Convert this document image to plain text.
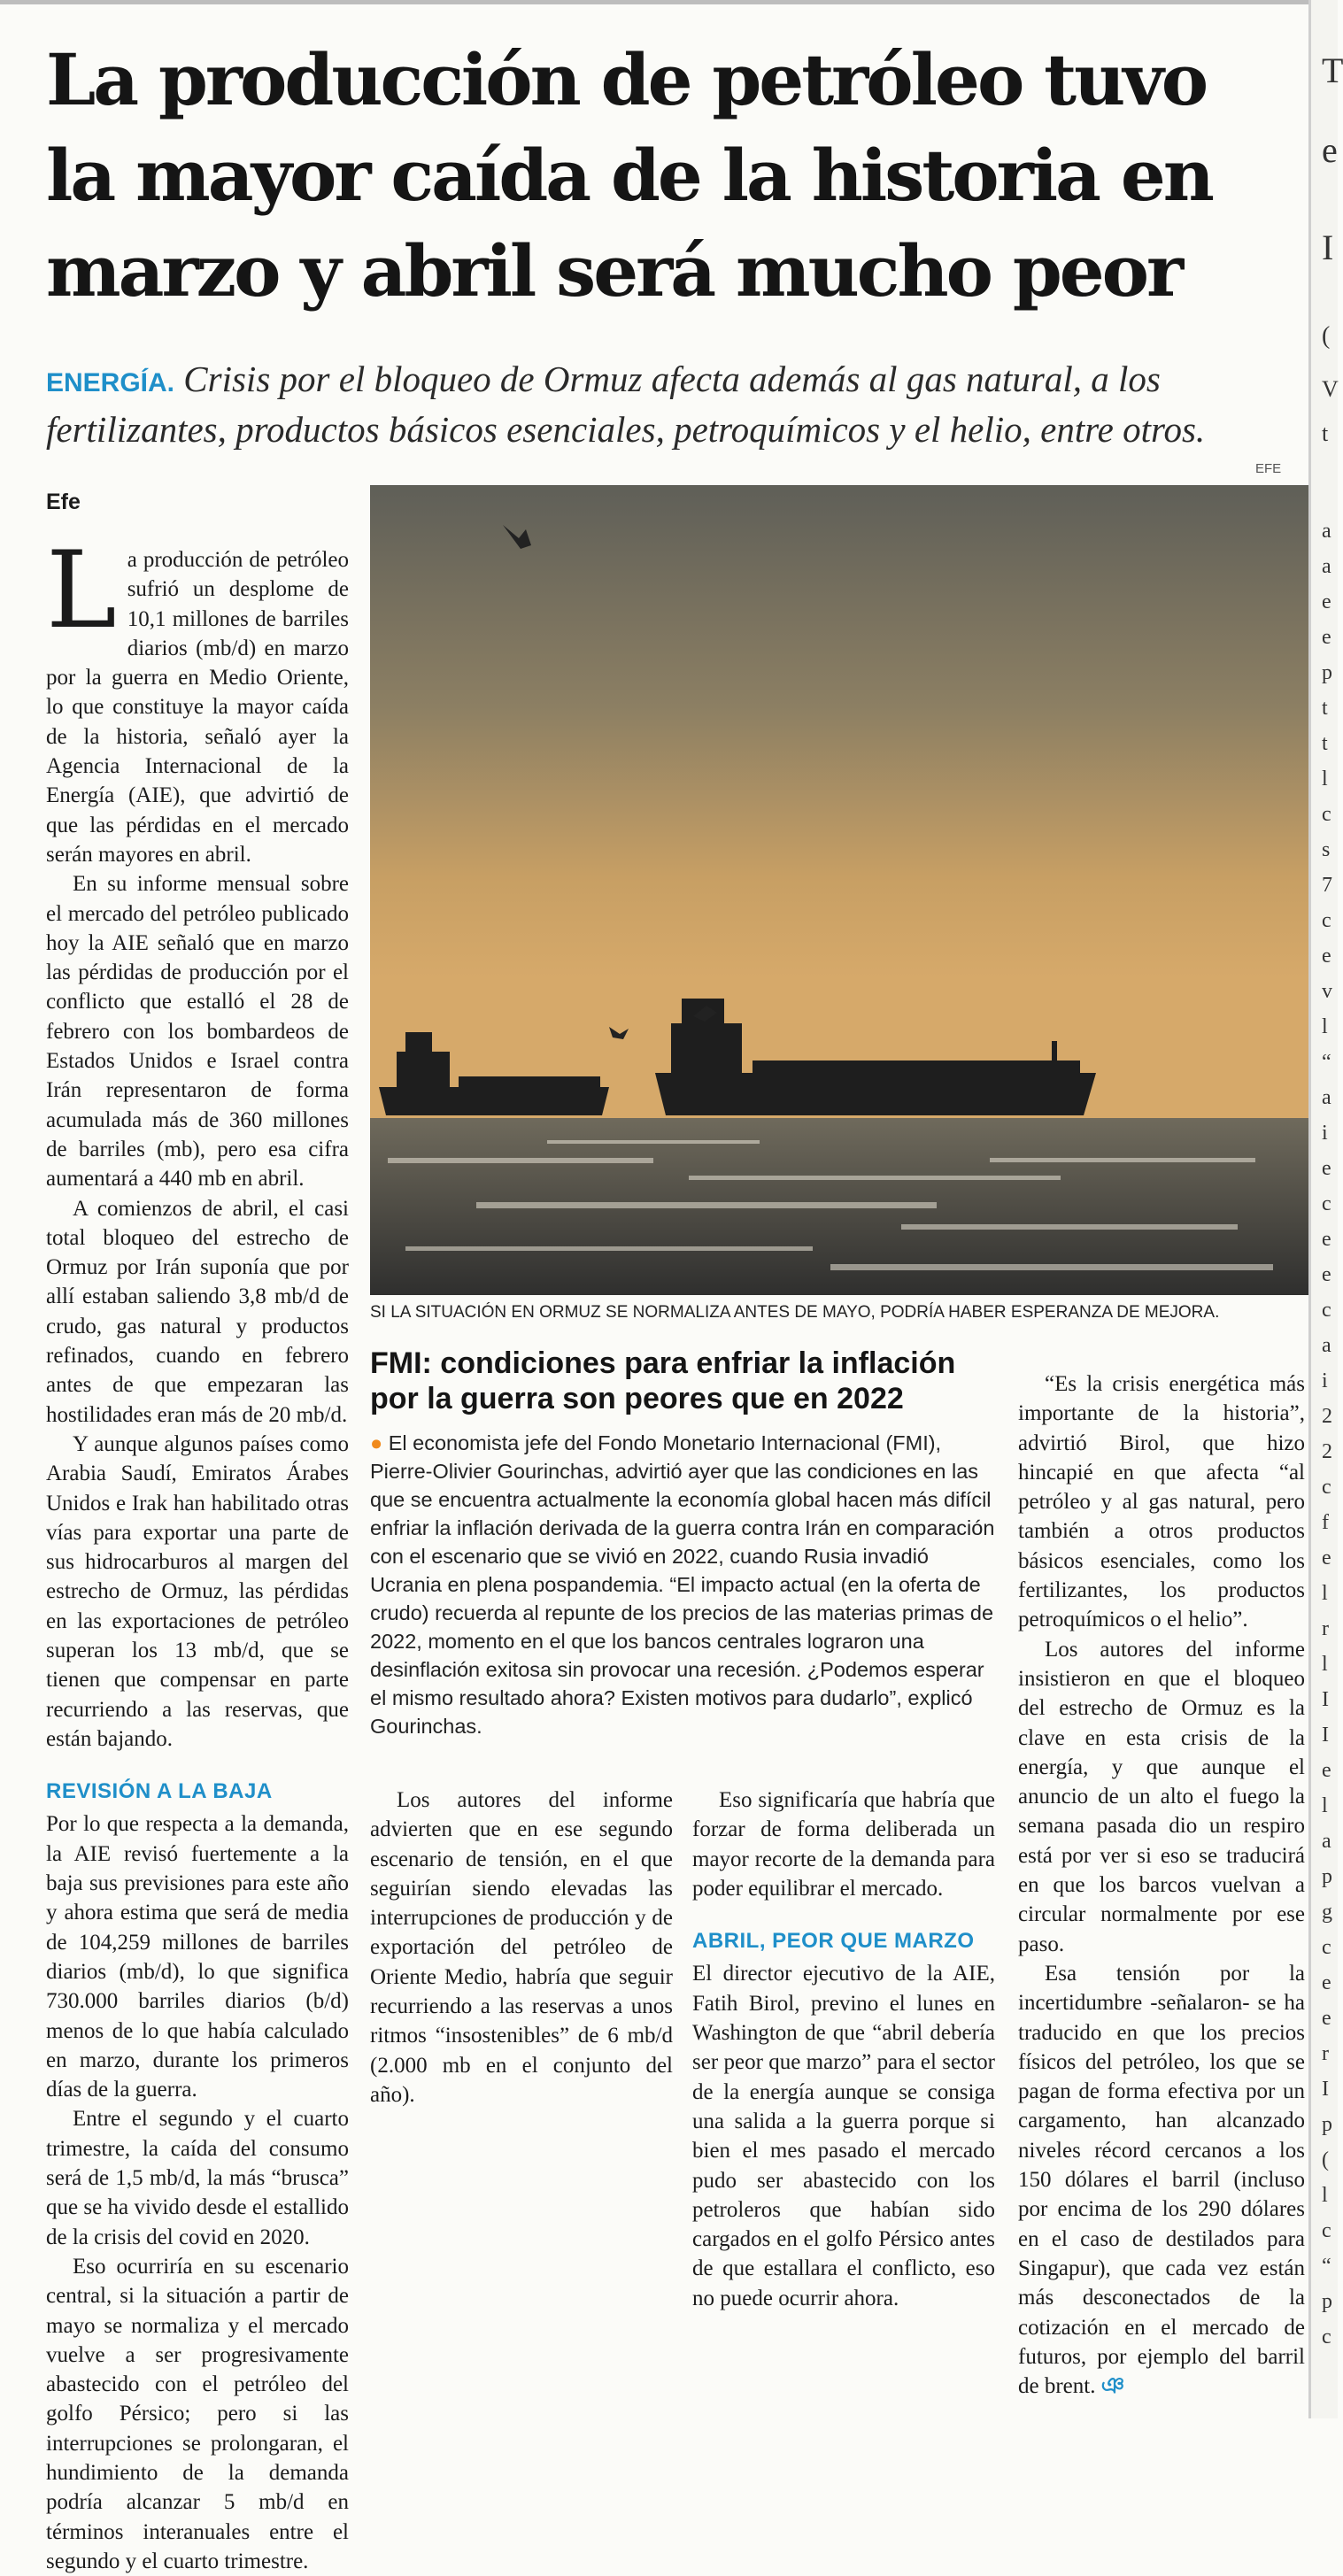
La producción de petróleo tuvo la mayor caída de la historia en marzo y abril será mucho peor
ENERGÍA. Crisis por el bloqueo de Ormuz afecta además al gas natural, a los fertilizantes, productos básicos esenciales, petroquímicos y el helio, entre otros.
Efe
EFE

La producción de petróleo sufrió un desplome de 10,1 millones de barriles diarios (mb/d) en marzo por la guerra en Medio Oriente, lo que constituye la mayor caída de la historia, señaló ayer la Agencia Internacional de la Energía (AIE), que advirtió de que las pérdidas en el mercado serán mayores en abril.

En su informe mensual sobre el mercado del petróleo publicado hoy la AIE señaló que en marzo las pérdidas de producción por el conflicto que estalló el 28 de febrero con los bombardeos de Estados Unidos e Israel contra Irán representaron de forma acumulada más de 360 millones de barriles (mb), pero esa cifra aumentará a 440 mb en abril.

A comienzos de abril, el casi total bloqueo del estrecho de Ormuz por Irán suponía que por allí estaban saliendo 3,8 mb/d de crudo, gas natural y productos refinados, cuando en febrero antes de que empezaran las hostilidades eran más de 20 mb/d.

Y aunque algunos países como Arabia Saudí, Emiratos Árabes Unidos e Irak han habilitado otras vías para exportar una parte de sus hidrocarburos al margen del estrecho de Ormuz, las pérdidas en las exportaciones de petróleo superan los 13 mb/d, que se tienen que compensar en parte recurriendo a las reservas, que están bajando.

REVISIÓN A LA BAJA

Por lo que respecta a la demanda, la AIE revisó fuertemente a la baja sus previsiones para este año y ahora estima que será de media de 104,259 millones de barriles diarios (mb/d), lo que significa 730.000 barriles diarios (b/d) menos de lo que había calculado en marzo, durante los primeros días de la guerra.

Entre el segundo y el cuarto trimestre, la caída del consumo será de 1,5 mb/d, la más “brusca” que se ha vivido desde el estallido de la crisis del covid en 2020.

Eso ocurriría en su escenario central, si la situación a partir de mayo se normaliza y el mercado vuelve a ser progresivamente abastecido con el petróleo del golfo Pérsico; pero si las interrupciones se prolongaran, el hundimiento de la demanda podría alcanzar 5 mb/d en términos interanuales entre el segundo y el cuarto trimestre.

SI LA SITUACIÓN EN ORMUZ SE NORMALIZA ANTES DE MAYO, PODRÍA HABER ESPERANZA DE MEJORA.
FMI: condiciones para enfriar la inflación por la guerra son peores que en 2022
● El economista jefe del Fondo Monetario Internacional (FMI), Pierre-Olivier Gourinchas, advirtió ayer que las condiciones en las que se encuentra actualmente la economía global hacen más difícil enfriar la inflación derivada de la guerra contra Irán en comparación con el escenario que se vivió en 2022, cuando Rusia invadió Ucrania en plena pospandemia. “El impacto actual (en la oferta de crudo) recuerda al repunte de los precios de las materias primas de 2022, momento en el que los bancos centrales lograron una desinflación exitosa sin provocar una recesión. ¿Podemos esperar el mismo resultado ahora? Existen motivos para dudarlo”, explicó Gourinchas.

Los autores del informe advierten que en ese segundo escenario de tensión, en el que seguirían siendo elevadas las interrupciones de producción y de exportación del petróleo de Oriente Medio, habría que seguir recurriendo a las reservas a unos ritmos “insostenibles” de 6 mb/d (2.000 mb en el conjunto del año).

Eso significaría que habría que forzar de forma deliberada un mayor recorte de la demanda para poder equilibrar el mercado.

ABRIL, PEOR QUE MARZO

El director ejecutivo de la AIE, Fatih Birol, previno el lunes en Washington de que “abril debería ser peor que marzo” para el sector de la energía aunque se consiga una salida a la guerra porque si bien el mes pasado el mercado pudo ser abastecido con los petroleros que habían sido cargados en el golfo Pérsico antes de que estallara el conflicto, eso no puede ocurrir ahora.

“Es la crisis energética más importante de la historia”, advirtió Birol, que hizo hincapié en que afecta “al petróleo y al gas natural, pero también a otros productos básicos esenciales, como los fertilizantes, los productos petroquímicos o el helio”.

Los autores del informe insistieron en que el bloqueo del estrecho de Ormuz es la clave en esta crisis de la energía, y que aunque el anuncio de un alto el fuego la semana pasada dio un respiro está por ver si eso se traducirá en que los barcos vuelvan a circular normalmente por ese paso.

Esa tensión por la incertidumbre -señalaron- se ha traducido en que los precios físicos del petróleo, los que se pagan de forma efectiva por un cargamento, han alcanzado niveles récord cercanos a los 150 dólares el barril (incluso por encima de los 290 dólares en el caso de destilados para Singapur), que cada vez están más desconectados de la cotización en el mercado de futuros, por ejemplo del barril de brent. ঞ

T
e
I
(
V
t
a
a
e
e
p
t
t
l
c
s
7
c
e
v
l
“
a
i
e
c
e
e
c
a
i
2
2
c
f
e
l
r
l
I
I
e
l
a
p
g
c
e
e
r
I
p
(
l
c
“
p
c
